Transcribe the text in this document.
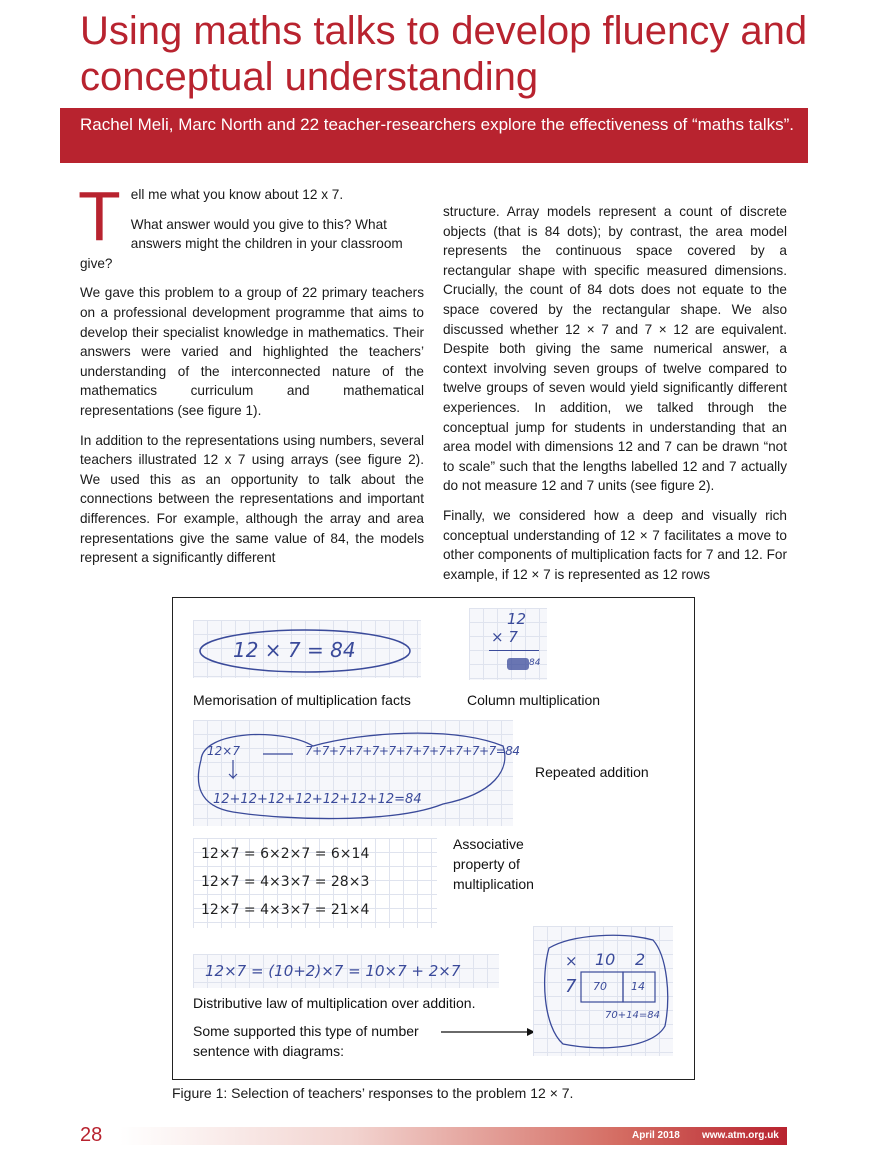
Using maths talks to develop fluency and conceptual understanding
Rachel Meli, Marc North and 22 teacher-researchers explore the effectiveness of “maths talks”.
T ell me what you know about 12 x 7.

What answer would you give to this? What answers might the children in your classroom give?

We gave this problem to a group of 22 primary teachers on a professional development programme that aims to develop their specialist knowledge in mathematics. Their answers were varied and highlighted the teachers’ understanding of the interconnected nature of the mathematics curriculum and mathematical representations (see figure 1).

In addition to the representations using numbers, several teachers illustrated 12 x 7 using arrays (see figure 2). We used this as an opportunity to talk about the connections between the representations and important differences. For example, although the array and area representations give the same value of 84, the models represent a significantly different

structure. Array models represent a count of discrete objects (that is 84 dots); by contrast, the area model represents the continuous space covered by a rectangular shape with specific measured dimensions. Crucially, the count of 84 dots does not equate to the space covered by the rectangular shape. We also discussed whether 12 × 7 and 7 × 12 are equivalent. Despite both giving the same numerical answer, a context involving seven groups of twelve compared to twelve groups of seven would yield significantly different experiences. In addition, we talked through the conceptual jump for students in understanding that an area model with dimensions 12 and 7 can be drawn “not to scale” such that the lengths labelled 12 and 7 actually do not measure 12 and 7 units (see figure 2).

Finally, we considered how a deep and visually rich conceptual understanding of 12 × 7 facilitates a move to other components of multiplication facts for 7 and 12. For example, if 12 × 7 is represented as 12 rows

12 × 7 = 84
Memorisation of multiplication facts
12
× 7
84
Column multiplication
12×7	7+7+7+7+7+7+7+7+7+7+7+7=84
12+12+12+12+12+12+12=84
Repeated addition
12×7 = 6×2×7 = 6×14
12×7 = 4×3×7 = 28×3
12×7 = 4×3×7 = 21×4
Associative property of multiplication
12×7 = (10+2)×7 = 10×7 + 2×7
Distributive law of multiplication over addition.
Some supported this type of number sentence with diagrams:
× 10 2
7 70 14
70+14=84
Figure 1: Selection of teachers’ responses to the problem 12 × 7.
28	April 2018 www.atm.org.uk
